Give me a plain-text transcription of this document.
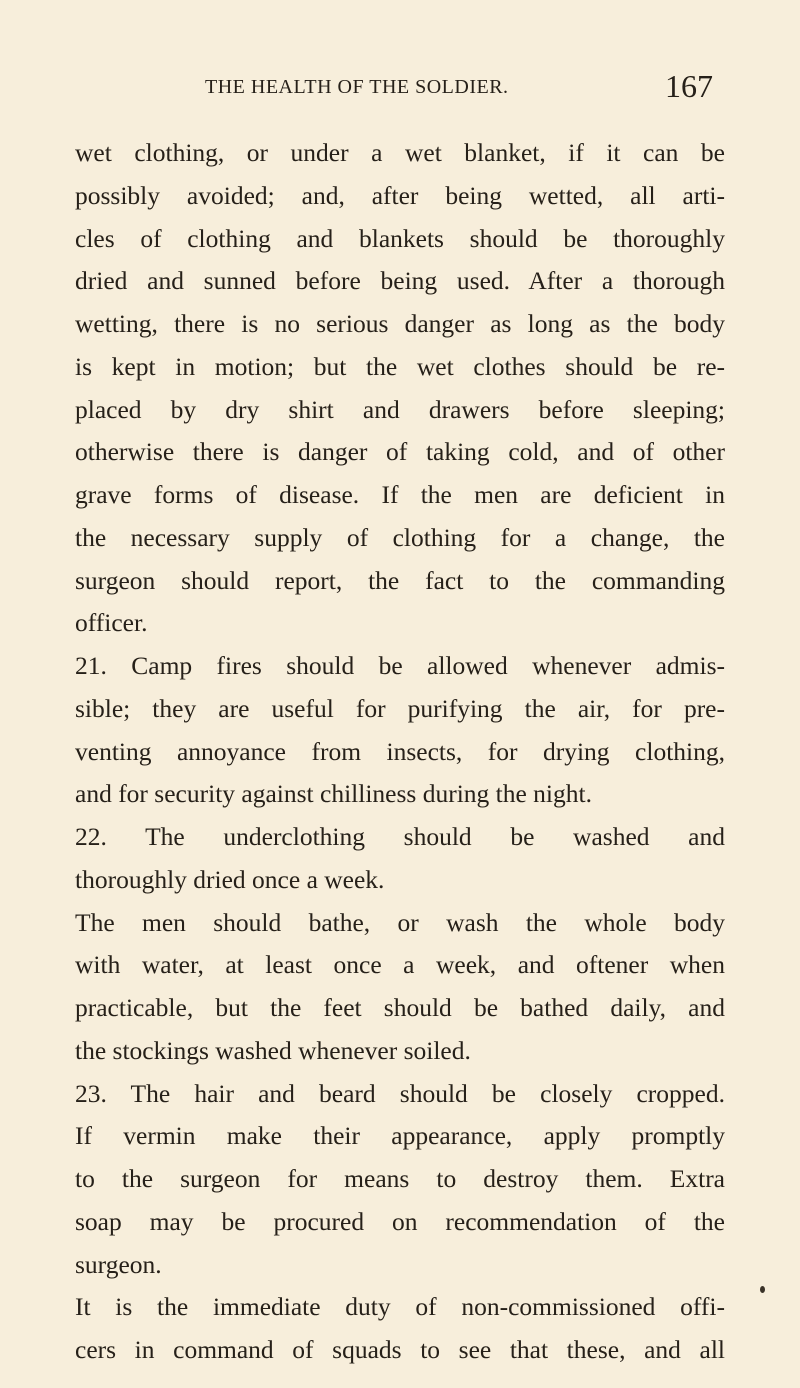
THE HEALTH OF THE SOLDIER.	167
wet clothing, or under a wet blanket, if it can be
possibly avoided; and, after being wetted, all arti-
cles of clothing and blankets should be thoroughly
dried and sunned before being used. After a thorough
wetting, there is no serious danger as long as the body
is kept in motion; but the wet clothes should be re-
placed by dry shirt and drawers before sleeping;
otherwise there is danger of taking cold, and of other
grave forms of disease. If the men are deficient in
the necessary supply of clothing for a change, the
surgeon should report, the fact to the commanding
officer.
21. Camp fires should be allowed whenever admis-
sible; they are useful for purifying the air, for pre-
venting annoyance from insects, for drying clothing,
and for security against chilliness during the night.
22. The underclothing should be washed and
thoroughly dried once a week.
The men should bathe, or wash the whole body
with water, at least once a week, and oftener when
practicable, but the feet should be bathed daily, and
the stockings washed whenever soiled.
23. The hair and beard should be closely cropped.
If vermin make their appearance, apply promptly
to the surgeon for means to destroy them. Extra
soap may be procured on recommendation of the
surgeon.
It is the immediate duty of non-commissioned offi-
cers in command of squads to see that these, and all
